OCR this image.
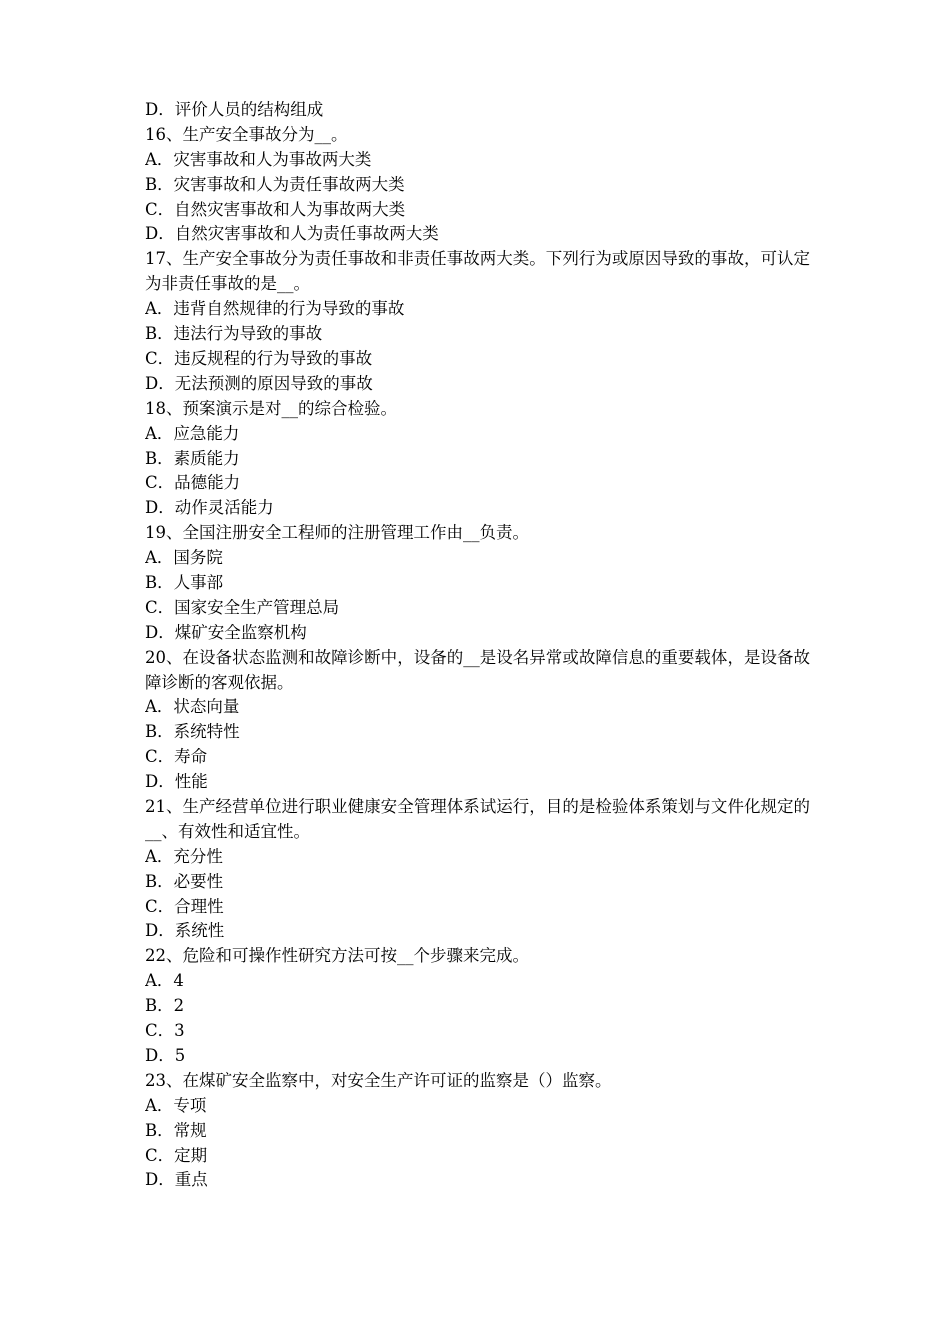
D．评价人员的结构组成
16、生产安全事故分为__。
A．灾害事故和人为事故两大类
B．灾害事故和人为责任事故两大类
C．自然灾害事故和人为事故两大类
D．自然灾害事故和人为责任事故两大类
17、生产安全事故分为责任事故和非责任事故两大类。下列行为或原因导致的事故，可认定为非责任事故的是__。
A．违背自然规律的行为导致的事故
B．违法行为导致的事故
C．违反规程的行为导致的事故
D．无法预测的原因导致的事故
18、预案演示是对__的综合检验。
A．应急能力
B．素质能力
C．品德能力
D．动作灵活能力
19、全国注册安全工程师的注册管理工作由__负责。
A．国务院
B．人事部
C．国家安全生产管理总局
D．煤矿安全监察机构
20、在设备状态监测和故障诊断中，设备的__是设名异常或故障信息的重要载体，是设备故障诊断的客观依据。
A．状态向量
B．系统特性
C．寿命
D．性能
21、生产经营单位进行职业健康安全管理体系试运行，目的是检验体系策划与文件化规定的__、有效性和适宜性。
A．充分性
B．必要性
C．合理性
D．系统性
22、危险和可操作性研究方法可按__个步骤来完成。
A．4
B．2
C．3
D．5
23、在煤矿安全监察中，对安全生产许可证的监察是（）监察。
A．专项
B．常规
C．定期
D．重点
